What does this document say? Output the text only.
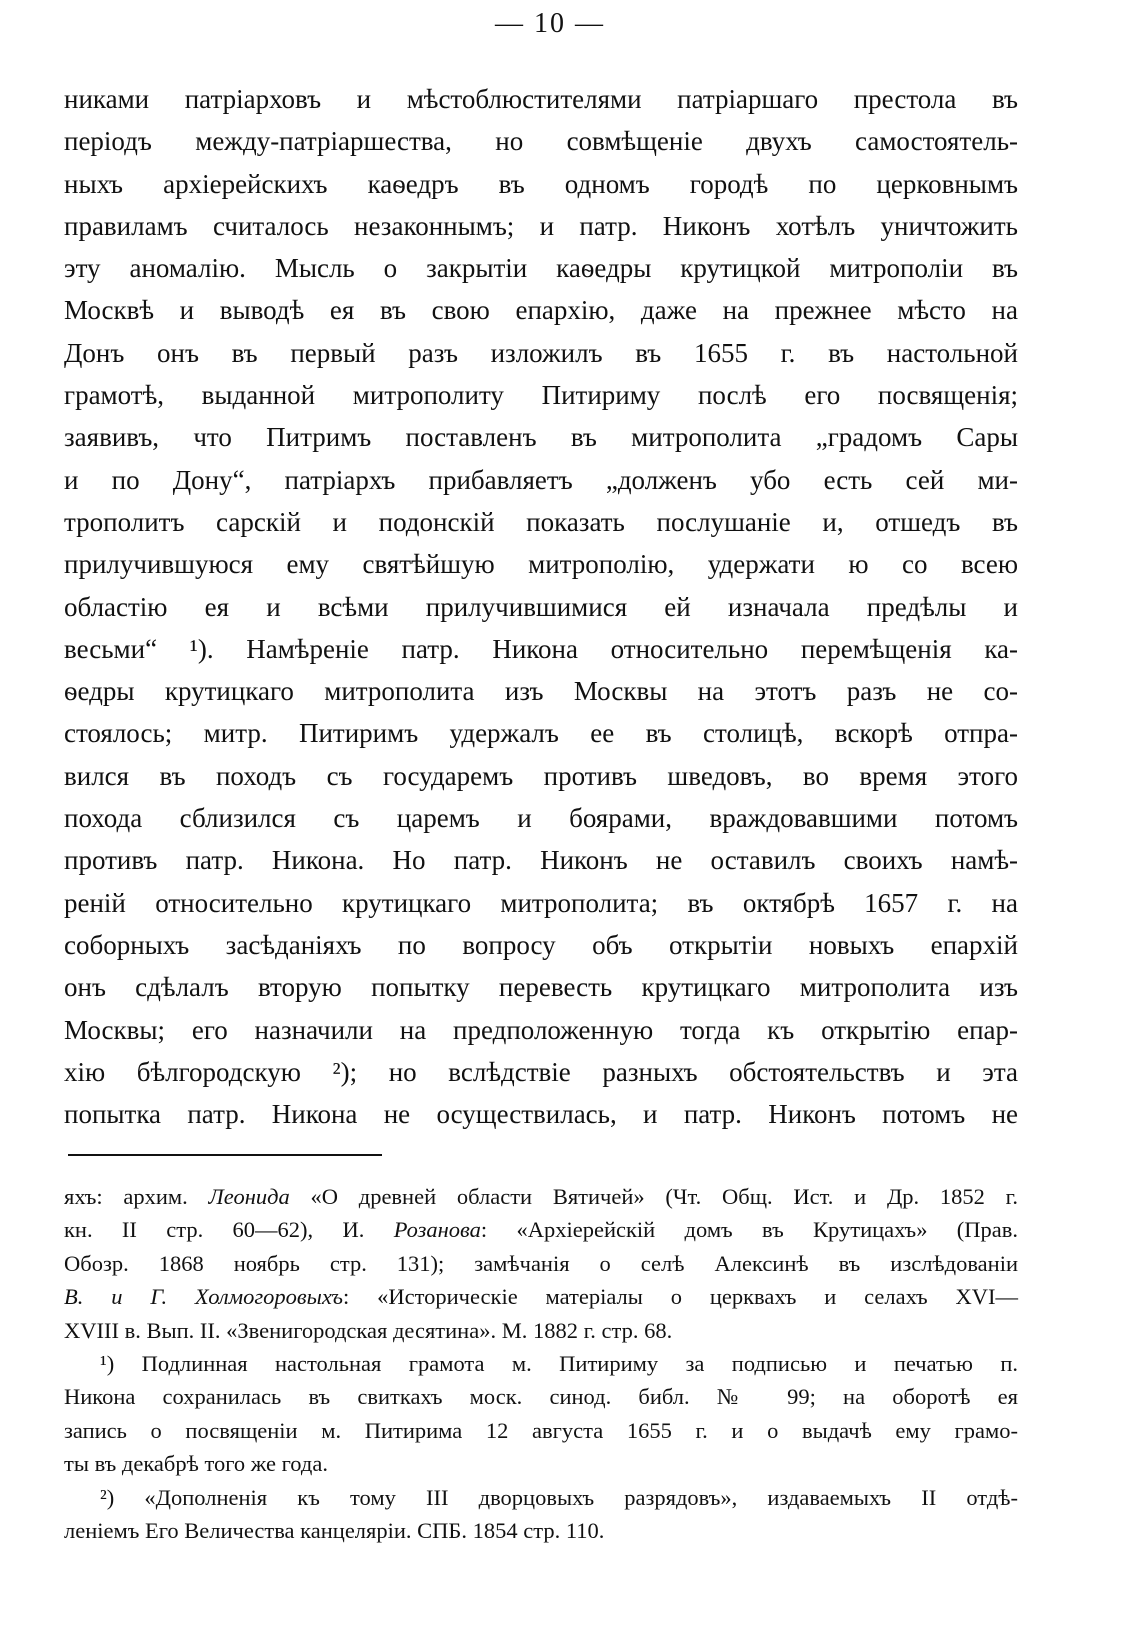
— 10 —
никами патріарховъ и мѣстоблюстителями патріаршаго престола въ
періодъ между-патріаршества, но совмѣщеніе двухъ самостоятель-
ныхъ архіерейскихъ каѳедръ въ одномъ городѣ по церковнымъ
правиламъ считалось незаконнымъ; и патр. Никонъ хотѣлъ уничтожить
эту аномалію. Мысль о закрытіи каѳедры крутицкой митрополіи въ
Москвѣ и выводѣ ея въ свою епархію, даже на прежнее мѣсто на
Донъ онъ въ первый разъ изложилъ въ 1655 г. въ настольной
грамотѣ, выданной митрополиту Питириму послѣ его посвященія;
заявивъ, что Питримъ поставленъ въ митрополита „градомъ Сары
и по Дону“, патріархъ прибавляетъ „долженъ убо есть сей ми-
трополитъ сарскій и подонскій показать послушаніе и, отшедъ въ
прилучившуюся ему святѣйшую митрополію, удержати ю со всею
областію ея и всѣми прилучившимися ей изначала предѣлы и
весьми“ ¹). Намѣреніе патр. Никона относительно перемѣщенія ка-
ѳедры крутицкаго митрополита изъ Москвы на этотъ разъ не со-
стоялось; митр. Питиримъ удержалъ ее въ столицѣ, вскорѣ отпра-
вился въ походъ съ государемъ противъ шведовъ, во время этого
похода сблизился съ царемъ и боярами, враждовавшими потомъ
противъ патр. Никона. Но патр. Никонъ не оставилъ своихъ намѣ-
реній относительно крутицкаго митрополита; въ октябрѣ 1657 г. на
соборныхъ засѣданіяхъ по вопросу объ открытіи новыхъ епархій
онъ сдѣлалъ вторую попытку перевесть крутицкаго митрополита изъ
Москвы; его назначили на предположенную тогда къ открытію епар-
хію бѣлгородскую ²); но вслѣдствіе разныхъ обстоятельствъ и эта
попытка патр. Никона не осуществилась, и патр. Никонъ потомъ не
яхъ: архим. Леонида «О древней области Вятичей» (Чт. Общ. Ист. и Др. 1852 г.
кн. II стр. 60—62), И. Розанова: «Архіерейскій домъ въ Крутицахъ» (Прав.
Обозр. 1868 ноябрь стр. 131); замѣчанія о селѣ Алексинѣ въ изслѣдованіи
В. и Г. Холмогоровыхъ: «Историческіе матеріалы о церквахъ и селахъ XVI—
XVIII в. Вып. II. «Звенигородская десятина». М. 1882 г. стр. 68.
¹) Подлинная настольная грамота м. Питириму за подписью и печатью п.
Никона сохранилась въ свиткахъ моск. синод. библ. № 99; на оборотѣ ея
запись о посвященіи м. Питирима 12 августа 1655 г. и о выдачѣ ему грамо-
ты въ декабрѣ того же года.
²) «Дополненія къ тому III дворцовыхъ разрядовъ», издаваемыхъ II отдѣ-
леніемъ Его Величества канцеляріи. СПБ. 1854 стр. 110.
